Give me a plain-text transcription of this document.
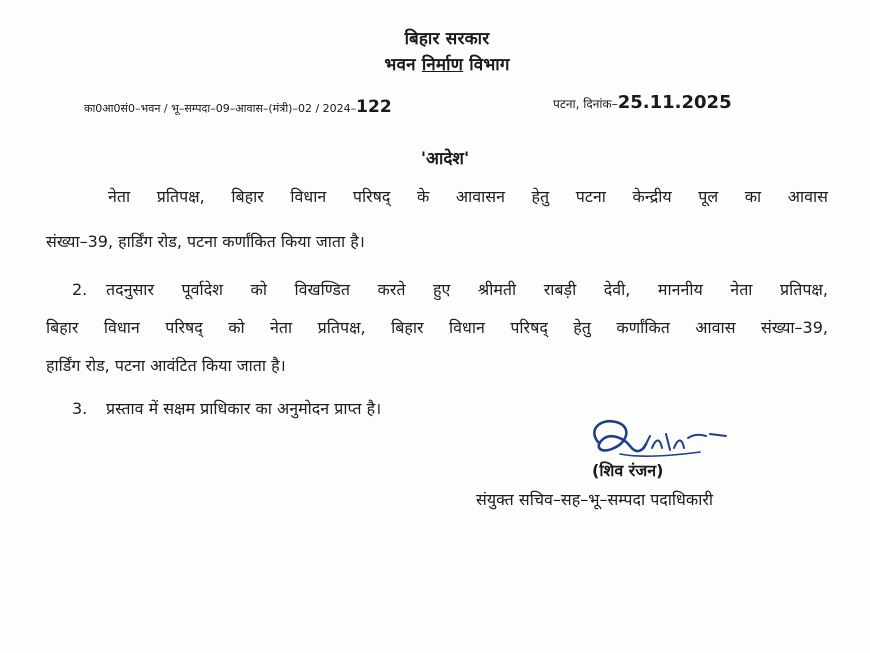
बिहार सरकार
भवन निर्माण विभाग
का0आ0सं0–भवन / भू–सम्पदा–09–आवास–(मंत्री)–02 / 2024–122	पटना, दिनांक–25.11.2025
'आदेश'
नेता प्रतिपक्ष, बिहार विधान परिषद् के आवासन हेतु पटना केन्द्रीय पूल का आवास
संख्या–39, हार्डिंग रोड, पटना कर्णांकित किया जाता है।
2. तदनुसार पूर्वादेश को विखण्डित करते हुए श्रीमती राबड़ी देवी, माननीय नेता प्रतिपक्ष,
बिहार विधान परिषद् को नेता प्रतिपक्ष, बिहार विधान परिषद् हेतु कर्णांकित आवास संख्या–39,
हार्डिंग रोड, पटना आवंटित किया जाता है।
3. प्रस्ताव में सक्षम प्राधिकार का अनुमोदन प्राप्त है।
(शिव रंजन)
संयुक्त सचिव–सह–भू–सम्पदा पदाधिकारी
